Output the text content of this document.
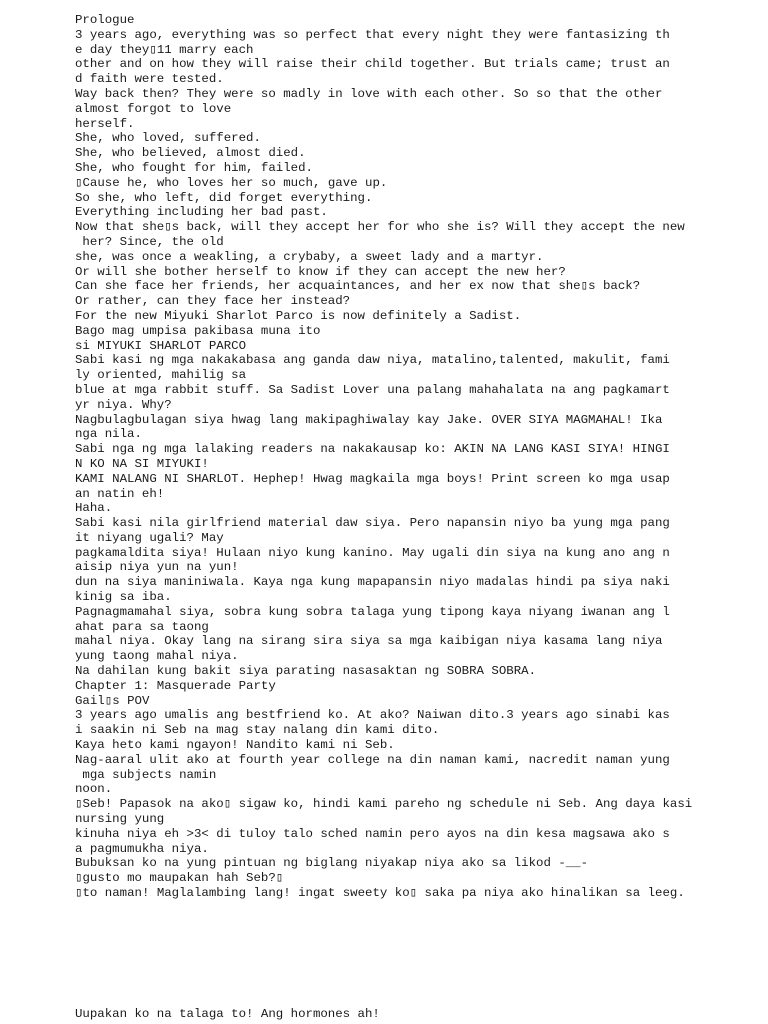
Prologue
3 years ago, everything was so perfect that every night they were fantasizing th
e day they▯11 marry each
other and on how they will raise their child together. But trials came; trust an
d faith were tested.
Way back then? They were so madly in love with each other. So so that the other
almost forgot to love
herself.
She, who loved, suffered.
She, who believed, almost died.
She, who fought for him, failed.
▯Cause he, who loves her so much, gave up.
So she, who left, did forget everything.
Everything including her bad past.
Now that she▯s back, will they accept her for who she is? Will they accept the new
her? Since, the old
she, was once a weakling, a crybaby, a sweet lady and a martyr.
Or will she bother herself to know if they can accept the new her?
Can she face her friends, her acquaintances, and her ex now that she▯s back?
Or rather, can they face her instead?
For the new Miyuki Sharlot Parco is now definitely a Sadist.
Bago mag umpisa pakibasa muna ito
si MIYUKI SHARLOT PARCO
Sabi kasi ng mga nakakabasa ang ganda daw niya, matalino,talented, makulit, fami
ly oriented, mahilig sa
blue at mga rabbit stuff. Sa Sadist Lover una palang mahahalata na ang pagkamart
yr niya. Why?
Nagbulagbulagan siya hwag lang makipaghiwalay kay Jake. OVER SIYA MAGMAHAL! Ika
nga nila.
Sabi nga ng mga lalaking readers na nakakausap ko: AKIN NA LANG KASI SIYA! HINGI
N KO NA SI MIYUKI!
KAMI NALANG NI SHARLOT. Hephep! Hwag magkaila mga boys! Print screen ko mga usap
an natin eh!
Haha.
Sabi kasi nila girlfriend material daw siya. Pero napansin niyo ba yung mga pang
it niyang ugali? May
pagkamaldita siya! Hulaan niyo kung kanino. May ugali din siya na kung ano ang n
aisip niya yun na yun!
dun na siya maniniwala. Kaya nga kung mapapansin niyo madalas hindi pa siya naki
kinig sa iba.
Pagnagmamahal siya, sobra kung sobra talaga yung tipong kaya niyang iwanan ang l
ahat para sa taong
mahal niya. Okay lang na sirang sira siya sa mga kaibigan niya kasama lang niya
yung taong mahal niya.
Na dahilan kung bakit siya parating nasasaktan ng SOBRA SOBRA.
Chapter 1: Masquerade Party
Gail▯s POV
3 years ago umalis ang bestfriend ko. At ako? Naiwan dito.3 years ago sinabi kas
i saakin ni Seb na mag stay nalang din kami dito.
Kaya heto kami ngayon! Nandito kami ni Seb.
Nag-aaral ulit ako at fourth year college na din naman kami, nacredit naman yung
mga subjects namin
noon.
▯Seb! Papasok na ako▯ sigaw ko, hindi kami pareho ng schedule ni Seb. Ang daya kasi
nursing yung
kinuha niya eh >3< di tuloy talo sched namin pero ayos na din kesa magsawa ako s
a pagmumukha niya.
Bubuksan ko na yung pintuan ng biglang niyakap niya ako sa likod -__-
▯gusto mo maupakan hah Seb?▯
▯to naman! Maglalambing lang! ingat sweety ko▯ saka pa niya ako hinalikan sa leeg.
Uupakan ko na talaga to! Ang hormones ah!
